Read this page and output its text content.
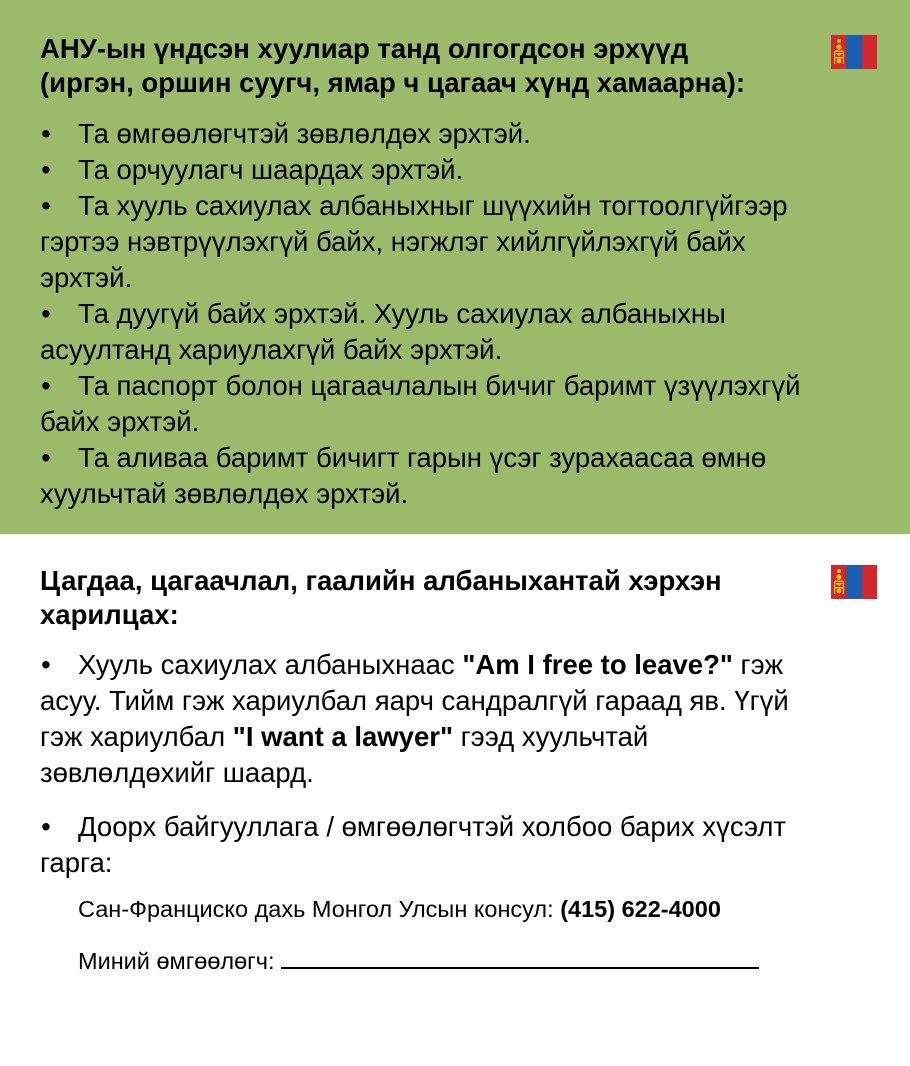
АНУ-ын үндсэн хуулиар танд олгогдсон эрхүүд
(иргэн, оршин суугч, ямар ч цагаач хүнд хамаарна):
• Та өмгөөлөгчтэй зөвлөлдөх эрхтэй.
• Та орчуулагч шаардах эрхтэй.
• Та хууль сахиулах албаныхныг шүүхийн тогтоолгүйгээр
гэртээ нэвтрүүлэхгүй байх, нэгжлэг хийлгүйлэхгүй байх
эрхтэй.
• Та дуугүй байх эрхтэй. Хууль сахиулах албаныхны
асуултанд хариулахгүй байх эрхтэй.
• Та паспорт болон цагаачлалын бичиг баримт үзүүлэхгүй
байх эрхтэй.
• Та аливаа баримт бичигт гарын үсэг зурахаасаа өмнө
хуульчтай зөвлөлдөх эрхтэй.
Цагдаа, цагаачлал, гаалийн албаныхантай хэрхэн
харилцах:
• Хууль сахиулах албаныхнаас "Am I free to leave?" гэж
асуу. Тийм гэж хариулбал яарч сандралгүй гараад яв. Үгүй
гэж хариулбал "I want a lawyer" гээд хуульчтай
зөвлөлдөхийг шаард.
• Доорх байгууллага / өмгөөлөгчтэй холбоо барих хүсэлт
гарга:
Сан-Франциско дахь Монгол Улсын консул: (415) 622-4000
Миний өмгөөлөгч:
